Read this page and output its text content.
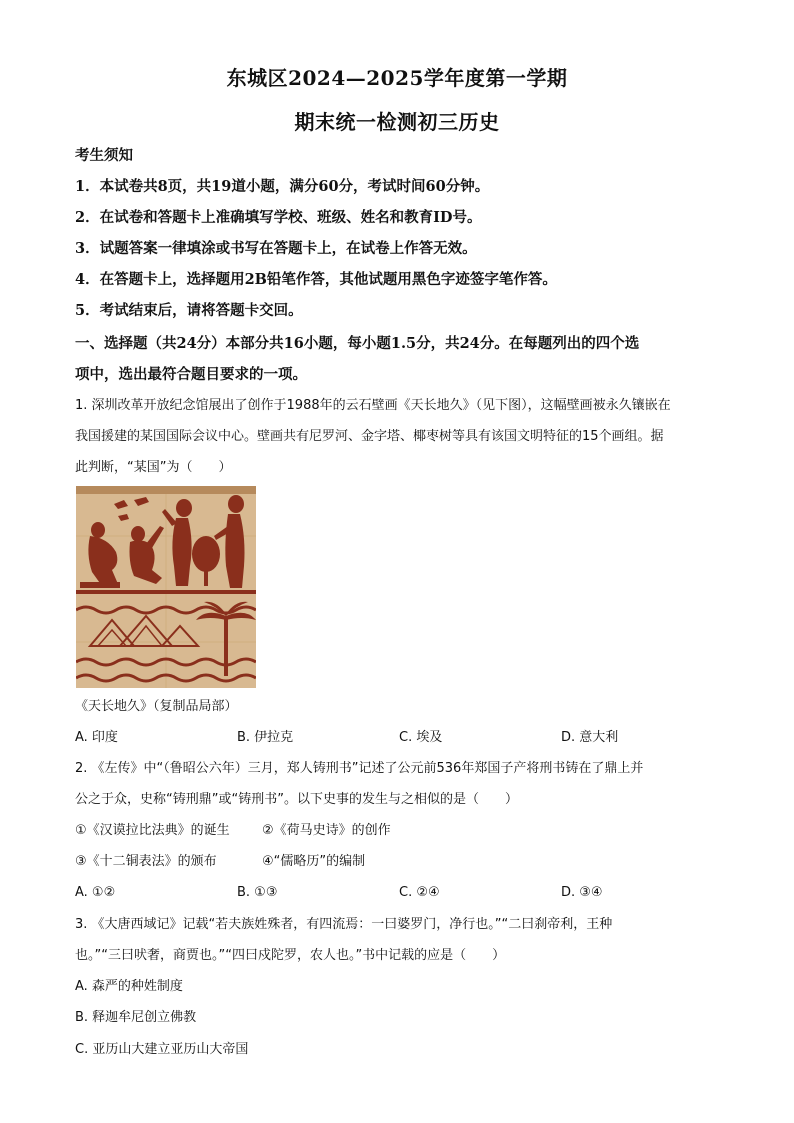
东城区2024—2025学年度第一学期
期末统一检测初三历史
考生须知
1．本试卷共8页，共19道小题，满分60分，考试时间60分钟。
2．在试卷和答题卡上准确填写学校、班级、姓名和教育ID号。
3．试题答案一律填涂或书写在答题卡上，在试卷上作答无效。
4．在答题卡上，选择题用2B铅笔作答，其他试题用黑色字迹签字笔作答。
5．考试结束后，请将答题卡交回。
一、选择题（共24分）本部分共16小题，每小题1.5分，共24分。在每题列出的四个选
项中，选出最符合题目要求的一项。
1. 深圳改革开放纪念馆展出了创作于1988年的云石壁画《天长地久》（见下图），这幅壁画被永久镶嵌在
我国援建的某国国际会议中心。壁画共有尼罗河、金字塔、椰枣树等具有该国文明特征的15个画组。据
此判断，“某国”为（　　）
《天长地久》（复制品局部）
A. 印度	B. 伊拉克	C. 埃及	D. 意大利
2. 《左传》中“（鲁昭公六年）三月，郑人铸刑书”记述了公元前536年郑国子产将刑书铸在了鼎上并
公之于众，史称“铸刑鼎”或“铸刑书”。以下史事的发生与之相似的是（　　）
①《汉谟拉比法典》的诞生 ②《荷马史诗》的创作
③《十二铜表法》的颁布	④“儒略历”的编制
A. ①②	B. ①③	C. ②④	D. ③④
3. 《大唐西域记》记载“若夫族姓殊者，有四流焉：一曰婆罗门，净行也。”“二曰刹帝利，王种
也。”“三曰吠奢，商贾也。”“四曰戍陀罗，农人也。”书中记载的应是（　　）
A. 森严的种姓制度
B. 释迦牟尼创立佛教
C. 亚历山大建立亚历山大帝国
